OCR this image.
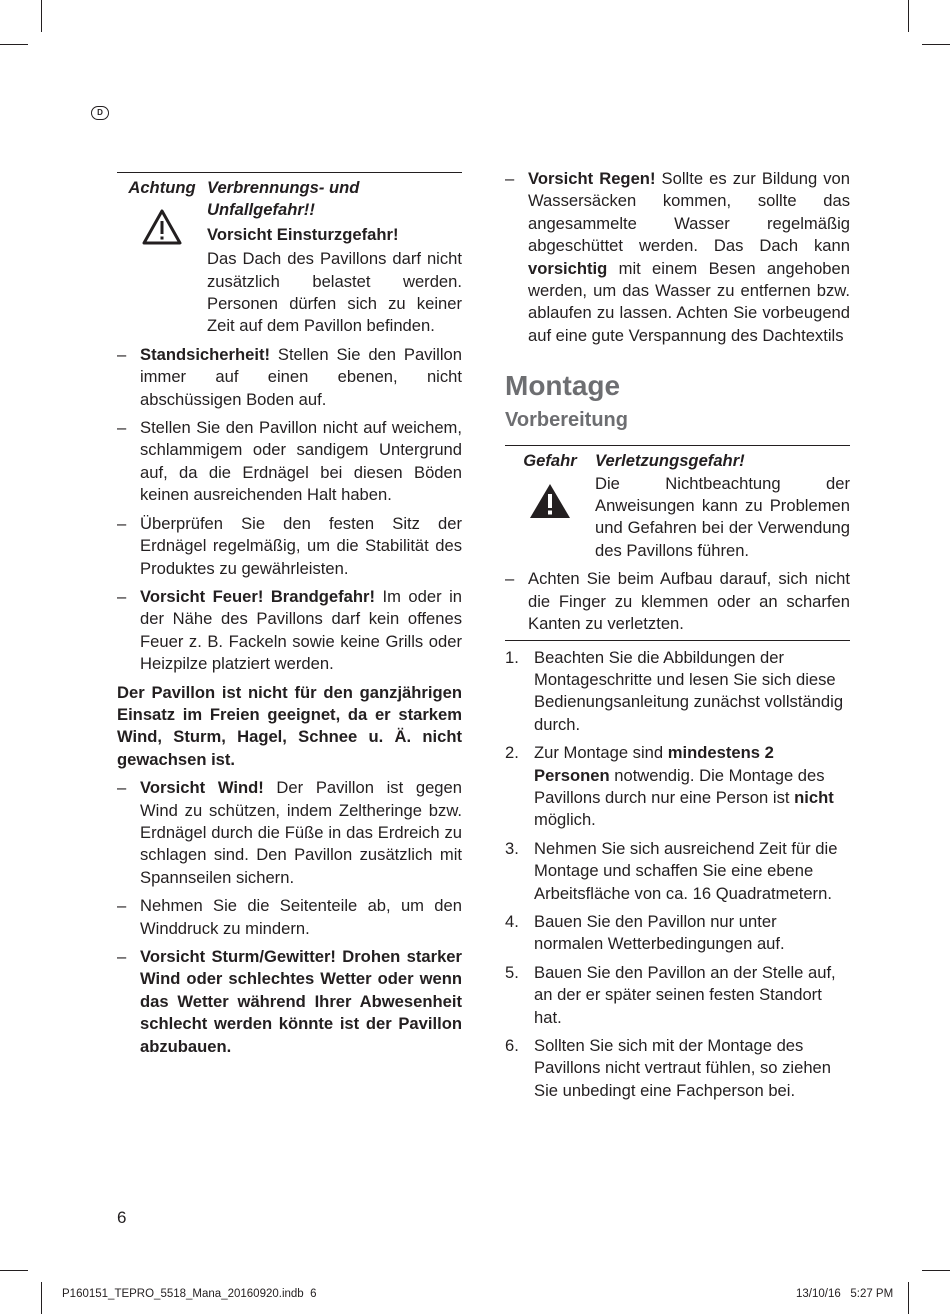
D
Achtung Verbrennungs- und Unfallgefahr!!
Vorsicht Einsturzgefahr!
Das Dach des Pavillons darf nicht zusätzlich belastet werden. Personen dürfen sich zu keiner Zeit auf dem Pavillon befinden.
– Standsicherheit! Stellen Sie den Pavillon immer auf einen ebenen, nicht abschüssigen Boden auf.
– Stellen Sie den Pavillon nicht auf weichem, schlammigem oder sandigem Untergrund auf, da die Erdnägel bei diesen Böden keinen ausreichenden Halt haben.
– Überprüfen Sie den festen Sitz der Erdnägel regelmäßig, um die Stabilität des Produktes zu gewährleisten.
– Vorsicht Feuer! Brandgefahr! Im oder in der Nähe des Pavillons darf kein offenes Feuer z. B. Fackeln sowie keine Grills oder Heizpilze platziert werden.
Der Pavillon ist nicht für den ganzjährigen Einsatz im Freien geeignet, da er starkem Wind, Sturm, Hagel, Schnee u. Ä. nicht gewachsen ist.
– Vorsicht Wind! Der Pavillon ist gegen Wind zu schützen, indem Zeltheringe bzw. Erdnägel durch die Füße in das Erdreich zu schlagen sind. Den Pavillon zusätzlich mit Spannseilen sichern.
– Nehmen Sie die Seitenteile ab, um den Winddruck zu mindern.
– Vorsicht Sturm/Gewitter! Drohen starker Wind oder schlechtes Wetter oder wenn das Wetter während Ihrer Abwesenheit schlecht werden könnte ist der Pavillon abzubauen.
– Vorsicht Regen! Sollte es zur Bildung von Wassersäcken kommen, sollte das angesammelte Wasser regelmäßig abgeschüttet werden. Das Dach kann vorsichtig mit einem Besen angehoben werden, um das Wasser zu entfernen bzw. ablaufen zu lassen. Achten Sie vorbeugend auf eine gute Verspannung des Dachtextils
Montage
Vorbereitung
Gefahr	Verletzungsgefahr!
Die Nichtbeachtung der Anweisungen kann zu Problemen und Gefahren bei der Verwendung des Pavillons führen.
– Achten Sie beim Aufbau darauf, sich nicht die Finger zu klemmen oder an scharfen Kanten zu verletzten.
1. Beachten Sie die Abbildungen der Montageschritte und lesen Sie sich diese Bedienungsanleitung zunächst vollständig durch.
2. Zur Montage sind mindestens 2 Personen notwendig. Die Montage des Pavillons durch nur eine Person ist nicht möglich.
3. Nehmen Sie sich ausreichend Zeit für die Montage und schaffen Sie eine ebene Arbeitsfläche von ca. 16 Quadratmetern.
4. Bauen Sie den Pavillon nur unter normalen Wetterbedingungen auf.
5. Bauen Sie den Pavillon an der Stelle auf, an der er später seinen festen Standort hat.
6. Sollten Sie sich mit der Montage des Pavillons nicht vertraut fühlen, so ziehen Sie unbedingt eine Fachperson bei.
6
P160151_TEPRO_5518_Mana_20160920.indb 6	13/10/16 5:27 PM
